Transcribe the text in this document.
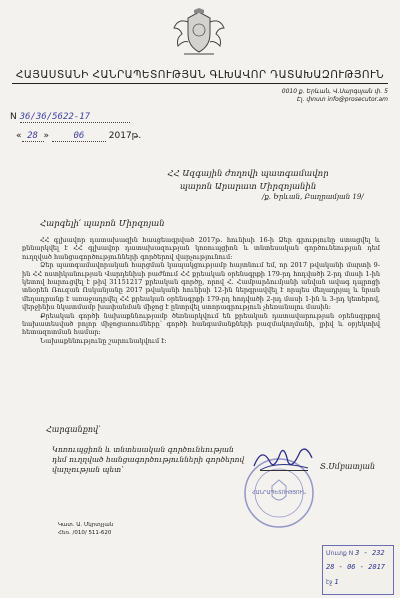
ՀԱՅԱՍՏԱՆԻ ՀԱՆՐԱՊԵՏՈՒԹՅԱՆ ԳԼԽԱՎՈՐ ԴԱՏԱԽԱԶՈՒԹՅՈՒՆ
0010 ք. Երևան, Վ.Սարգսյան փ. 5
Էլ. փոստ info@prosecutor.am
N 36/36/5622-17
« 28 » 06	2017թ.
ՀՀ Ազգային ժողովի պատգամավոր
պարոն Արարատ Միրզոյանին
/ք. Երևան, Բաղրամյան 19/
Հարգելի՛ պարոն Միրզոյան

ՀՀ գլխավոր դատախազին հասցեագրված 2017թ. հունիսի 16-ի Ձեր գրությունը ստացվել և քննարկվել է ՀՀ գլխավոր դատախազության կոռուպցիոն և տնտեսական գործունեության դեմ ուղղված հանցագործությունների գործերով վարչությունում:

Ձեր պատգամավորական հարցման կապակցությամբ հայտնում եմ, որ 2017 թվականի մարտի 9-ին ՀՀ ոստիկանության Վարդենիսի բաժնում ՀՀ քրեական օրենսգրքի 179-րդ հոդվածի 2-րդ մասի 1-ին կետով հարուցվել է թիվ 31151217 քրեական գործը, որով Հ. Համբարձումյանի անվան ավագ դպրոցի տնօրեն Ռուզան Ոսկանյանը 2017 թվականի հունիսի 12-ին ներգրավվել է որպես մեղադրյալ և նրան մեղադրանք է առաջադրվել ՀՀ քրեական օրենսգրքի 179-րդ հոդվածի 2-րդ մասի 1-ին և 3-րդ կետերով, վերջինիս նկատմամբ խափանման միջոց է ընտրվել ստորագրություն չհեռանալու մասին:

Քրեական գործի նախաքննությամբ ծեռնարկվում են քրեական դատավարության օրենսգրքով նախատեսված բոլոր միջոցառումները՝ գործի հանգամանքների բազմակողմանի, լրիվ և օբյեկտիվ հետազոտման համար:

Նախաքննությունը շարունակվում է:

Հարգանքով՝
Կոռուպցիոն և տնտեսական գործունեության
դեմ ուղղված հանցագործությունների գործերով
վարչության պետ՝
ՀԱՆՐԱՊԵՏՈՒԹՅՈՒՆ
Տ.Սմբատյան
Կատ. Ա. Մկրտչյան
Հեռ. /010/ 511-620
Մուտք N 3 - 232
28 - 06 - 2017
էջ 1
